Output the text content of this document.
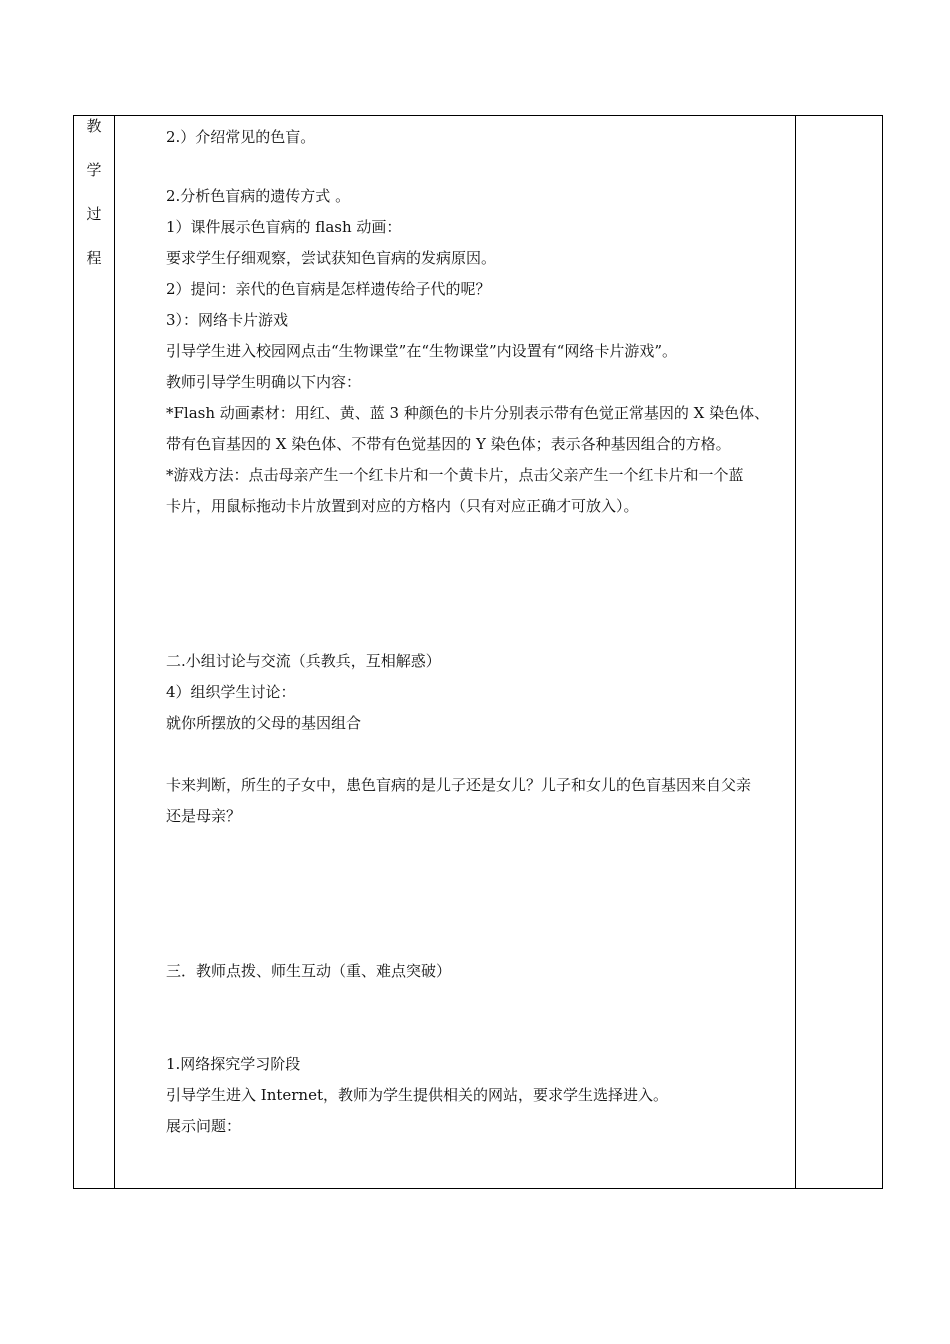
教
学
过
程

2.）介绍常见的色盲。

2.分析色盲病的遗传方式 。

1）课件展示色盲病的 flash 动画：

要求学生仔细观察，尝试获知色盲病的发病原因。

2）提问：亲代的色盲病是怎样遗传给子代的呢？

3）：网络卡片游戏

引导学生进入校园网点击“生物课堂”在“生物课堂”内设置有“网络卡片游戏”。

教师引导学生明确以下内容：

*Flash 动画素材：用红、黄、蓝 3 种颜色的卡片分别表示带有色觉正常基因的 X 染色体、

带有色盲基因的 X 染色体、不带有色觉基因的 Y 染色体；表示各种基因组合的方格。

*游戏方法：点击母亲产生一个红卡片和一个黄卡片，点击父亲产生一个红卡片和一个蓝

卡片，用鼠标拖动卡片放置到对应的方格内（只有对应正确才可放入）。

二.小组讨论与交流（兵教兵，互相解惑）

4）组织学生讨论：

就你所摆放的父母的基因组合

卡来判断，所生的子女中，患色盲病的是儿子还是女儿？儿子和女儿的色盲基因来自父亲

还是母亲？

三．教师点拨、师生互动（重、难点突破）

1.网络探究学习阶段

引导学生进入 Internet，教师为学生提供相关的网站，要求学生选择进入。

展示问题：
